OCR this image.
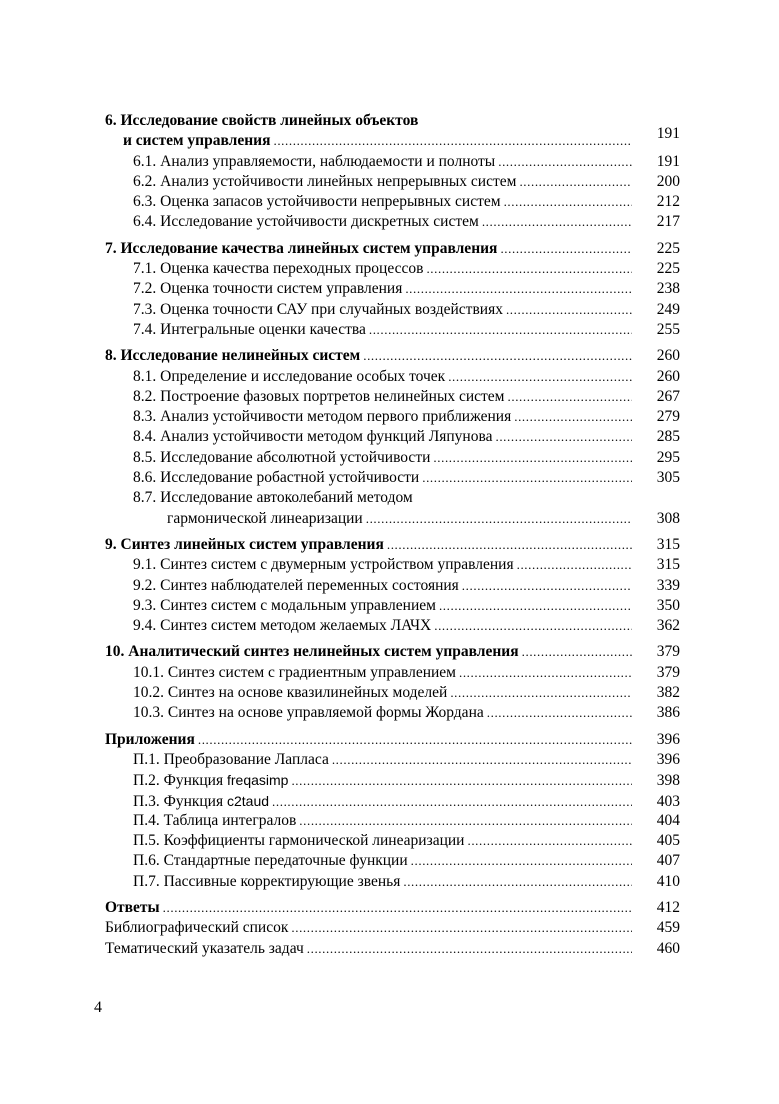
6. Исследование свойств линейных объектов
и систем управления .....	191
6.1. Анализ управляемости, наблюдаемости и полноты .....	191
6.2. Анализ устойчивости линейных непрерывных систем .....	200
6.3. Оценка запасов устойчивости непрерывных систем .....	212
6.4. Исследование устойчивости дискретных систем .....	217
7. Исследование качества линейных систем управления .....	225
7.1. Оценка качества переходных процессов .....	225
7.2. Оценка точности систем управления .....	238
7.3. Оценка точности САУ при случайных воздействиях .....	249
7.4. Интегральные оценки качества .....	255
8. Исследование нелинейных систем .....	260
8.1. Определение и исследование особых точек .....	260
8.2. Построение фазовых портретов нелинейных систем .....	267
8.3. Анализ устойчивости методом первого приближения .....	279
8.4. Анализ устойчивости методом функций Ляпунова .....	285
8.5. Исследование абсолютной устойчивости .....	295
8.6. Исследование робастной устойчивости .....	305
8.7. Исследование автоколебаний методом
гармонической линеаризации .....	308
9. Синтез линейных систем управления .....	315
9.1. Синтез систем с двумерным устройством управления .....	315
9.2. Синтез наблюдателей переменных состояния .....	339
9.3. Синтез систем с модальным управлением .....	350
9.4. Синтез систем методом желаемых ЛАЧХ .....	362
10. Аналитический синтез нелинейных систем управления .....	379
10.1. Синтез систем с градиентным управлением .....	379
10.2. Синтез на основе квазилинейных моделей .....	382
10.3. Синтез на основе управляемой формы Жордана .....	386
Приложения .....	396
П.1. Преобразование Лапласа .....	396
П.2. Функция freqasimp .....	398
П.3. Функция c2taud .....	403
П.4. Таблица интегралов .....	404
П.5. Коэффициенты гармонической линеаризации .....	405
П.6. Стандартные передаточные функции .....	407
П.7. Пассивные корректирующие звенья .....	410
Ответы .....	412
Библиографический список .....	459
Тематический указатель задач .....	460
4
